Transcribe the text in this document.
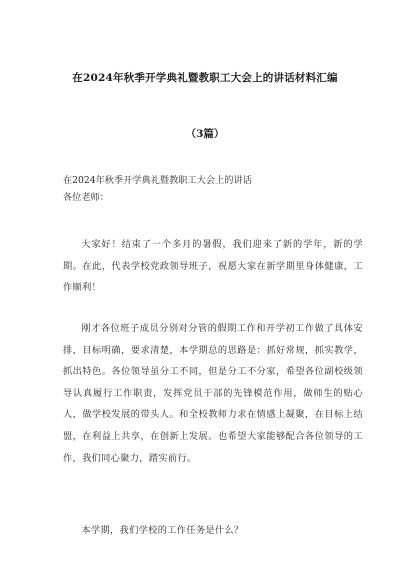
在2024年秋季开学典礼暨教职工大会上的讲话材料汇编
（3篇）
在2024年秋季开学典礼暨教职工大会上的讲话
各位老师：

大家好！结束了一个多月的暑假，我们迎来了新的学年，新的学期。在此，代表学校党政领导班子，祝愿大家在新学期里身体健康，工作顺利！

刚才各位班子成员分别对分管的假期工作和开学初工作做了具体安排，目标明确，要求清楚，本学期总的思路是：抓好常规，抓实教学，抓出特色。各位领导虽分工不同，但是分工不分家，希望各位副校级领导认真履行工作职责，发挥党员干部的先锋模范作用，做师生的贴心人，做学校发展的带头人。和全校教师力求在情感上凝聚，在目标上结盟，在利益上共享，在创新上发展。也希望大家能够配合各位领导的工作，我们同心聚力，踏实前行。

本学期，我们学校的工作任务是什么？
